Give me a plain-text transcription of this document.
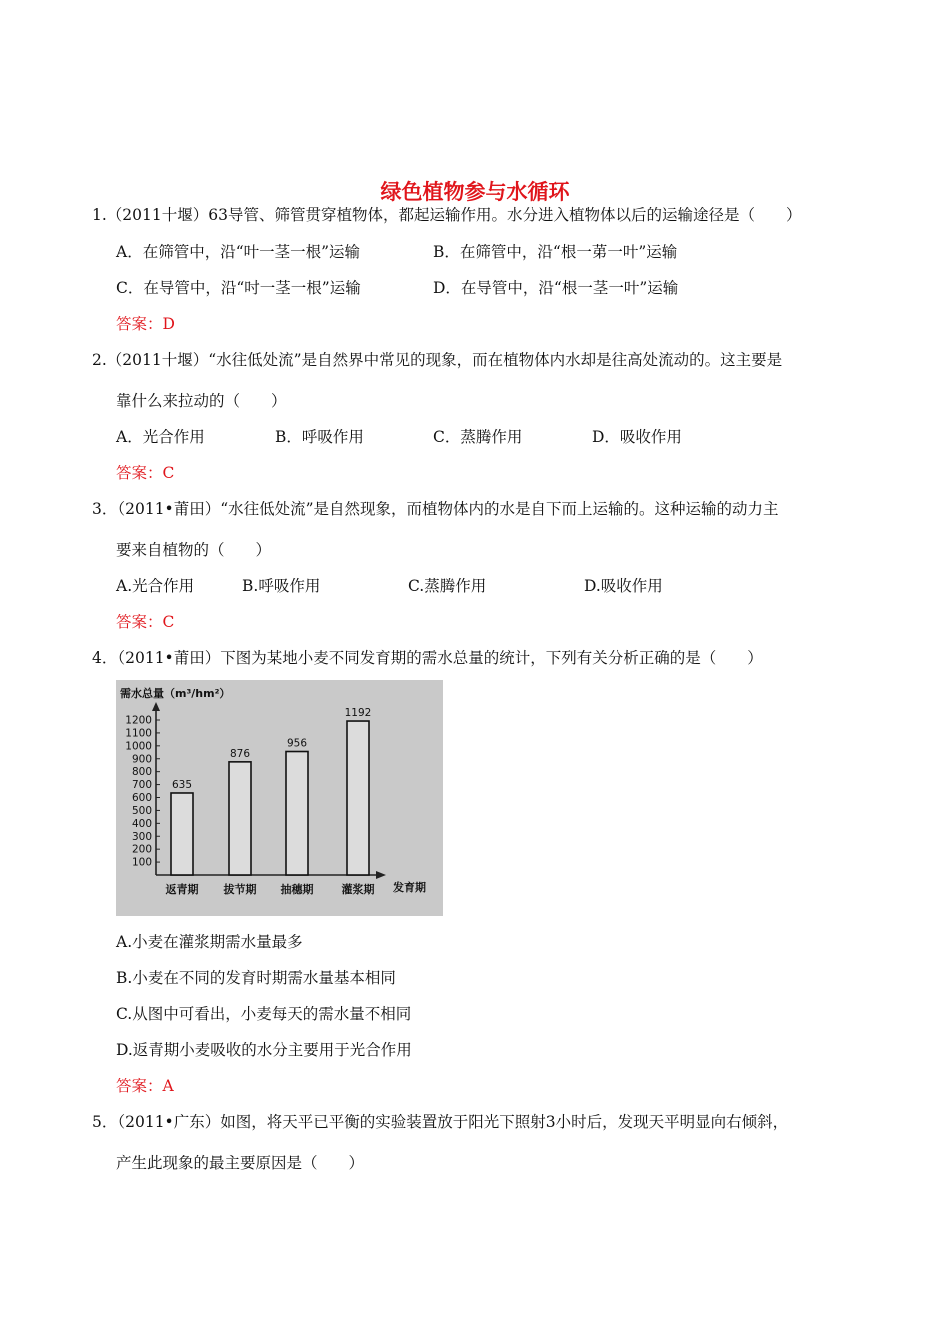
绿色植物参与水循环
1.（2011十堰）63导管、筛管贯穿植物体，都起运输作用。水分进入植物体以后的运输途径是（　　）
A．在筛管中，沿“叶一茎一根”运输	B．在筛管中，沿“根一苐一叶”运输
C．在导管中，沿“吋一茎一根”运输	D．在导管中，沿“根一茎一叶”运输
答案：D
2.（2011十堰）“水往低处流”是自然界中常见的现象，而在植物体内水却是往高处流动的。这主要是
靠什么来拉动的（　　）
A．光合作用	B．呼吸作用	C．蒸腾作用	D．吸收作用
答案：C
3．（2011•莆田）“水往低处流”是自然现象，而植物体内的水是自下而上运输的。这种运输的动力主
要来自植物的（　　）
A.光合作用	B.呼吸作用	C.蒸腾作用	D.吸收作用
答案：C
4．（2011•莆田）下图为某地小麦不同发育期的需水总量的统计，下列有关分析正确的是（　　）
需水总量（m³/hm²）
发育期
100
200
300
400
500
600
700
800
900
1000
1100
1200
635
返青期
876
拔节期
956
抽穗期
1192
灌浆期
A.小麦在灌浆期需水量最多
B.小麦在不同的发育时期需水量基本相同
C.从图中可看出，小麦每天的需水量不相同
D.返青期小麦吸收的水分主要用于光合作用
答案：A
5．（2011•广东）如图，将天平已平衡的实验装置放于阳光下照射3小时后，发现天平明显向右倾斜，
产生此现象的最主要原因是（　　）
